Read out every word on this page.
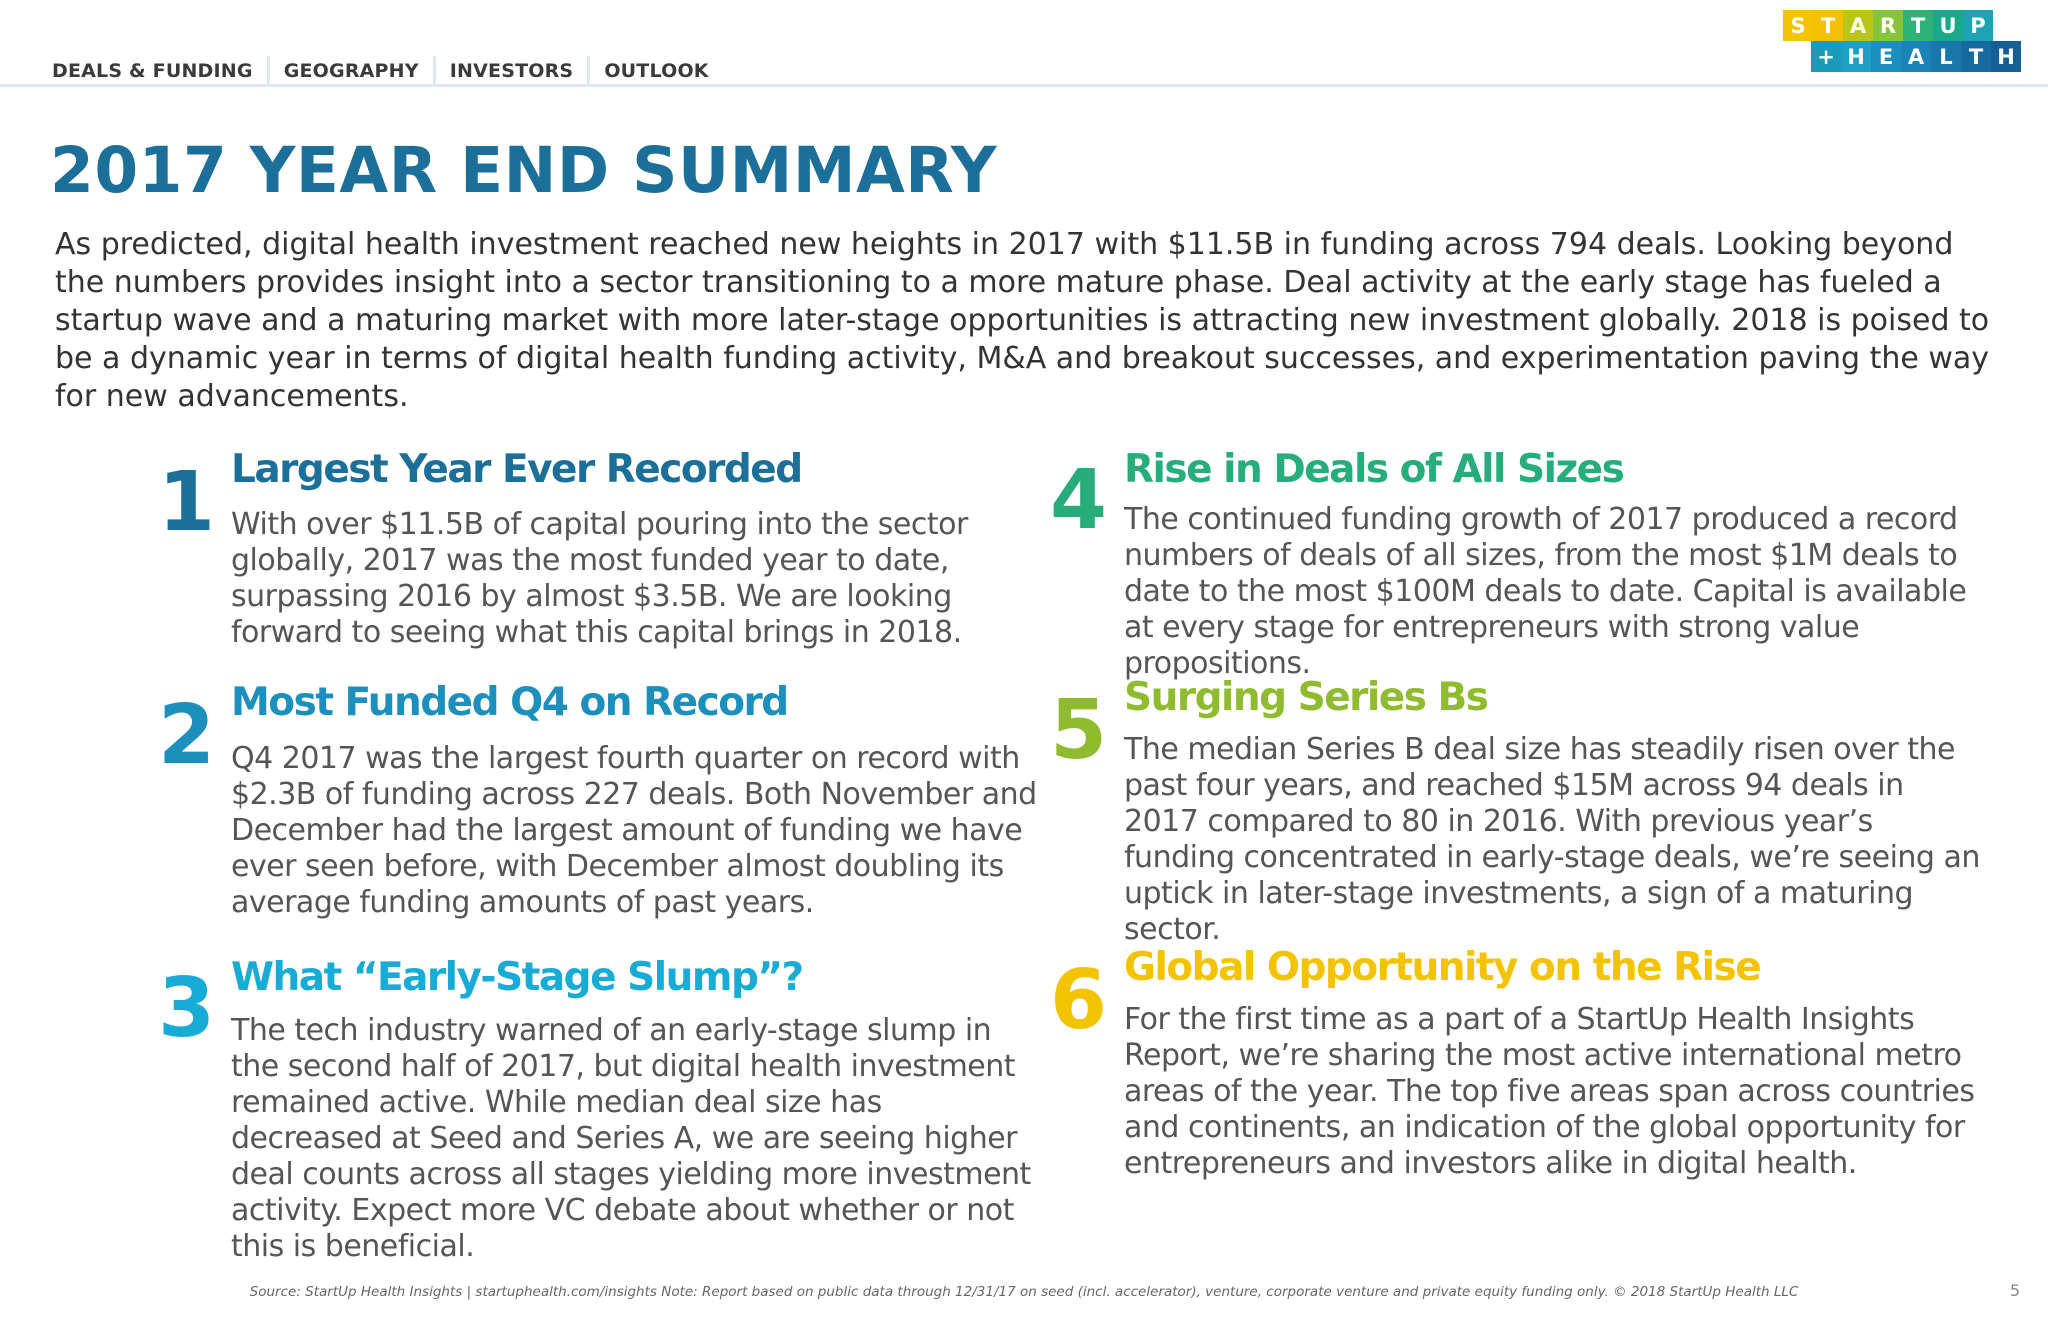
DEALS & FUNDING	GEOGRAPHY	INVESTORS	OUTLOOK
S T A R T U P
+ H E A L T H
2017 YEAR END SUMMARY

As predicted, digital health investment reached new heights in 2017 with $11.5B in funding across 794 deals. Looking beyond the numbers provides insight into a sector transitioning to a more mature phase. Deal activity at the early stage has fueled a startup wave and a maturing market with more later-stage opportunities is attracting new investment globally. 2018 is poised to be a dynamic year in terms of digital health funding activity, M&A and breakout successes, and experimentation paving the way for new advancements.

1 Largest Year Ever Recorded

With over $11.5B of capital pouring into the sector globally, 2017 was the most funded year to date, surpassing 2016 by almost $3.5B. We are looking forward to seeing what this capital brings in 2018.

2 Most Funded Q4 on Record

Q4 2017 was the largest fourth quarter on record with $2.3B of funding across 227 deals. Both November and December had the largest amount of funding we have ever seen before, with December almost doubling its average funding amounts of past years.

3 What “Early-Stage Slump”?

The tech industry warned of an early-stage slump in the second half of 2017, but digital health investment remained active. While median deal size has decreased at Seed and Series A, we are seeing higher deal counts across all stages yielding more investment activity. Expect more VC debate about whether or not this is beneficial.

4 Rise in Deals of All Sizes

The continued funding growth of 2017 produced a record numbers of deals of all sizes, from the most $1M deals to date to the most $100M deals to date. Capital is available at every stage for entrepreneurs with strong value propositions.

5 Surging Series Bs

The median Series B deal size has steadily risen over the past four years, and reached $15M across 94 deals in 2017 compared to 80 in 2016. With previous year’s funding concentrated in early-stage deals, we’re seeing an uptick in later-stage investments, a sign of a maturing sector.

6 Global Opportunity on the Rise

For the first time as a part of a StartUp Health Insights Report, we’re sharing the most active international metro areas of the year. The top five areas span across countries and continents, an indication of the global opportunity for entrepreneurs and investors alike in digital health.

Source: StartUp Health Insights | startuphealth.com/insights Note: Report based on public data through 12/31/17 on seed (incl. accelerator), venture, corporate venture and private equity funding only. © 2018 StartUp Health LLC	5
